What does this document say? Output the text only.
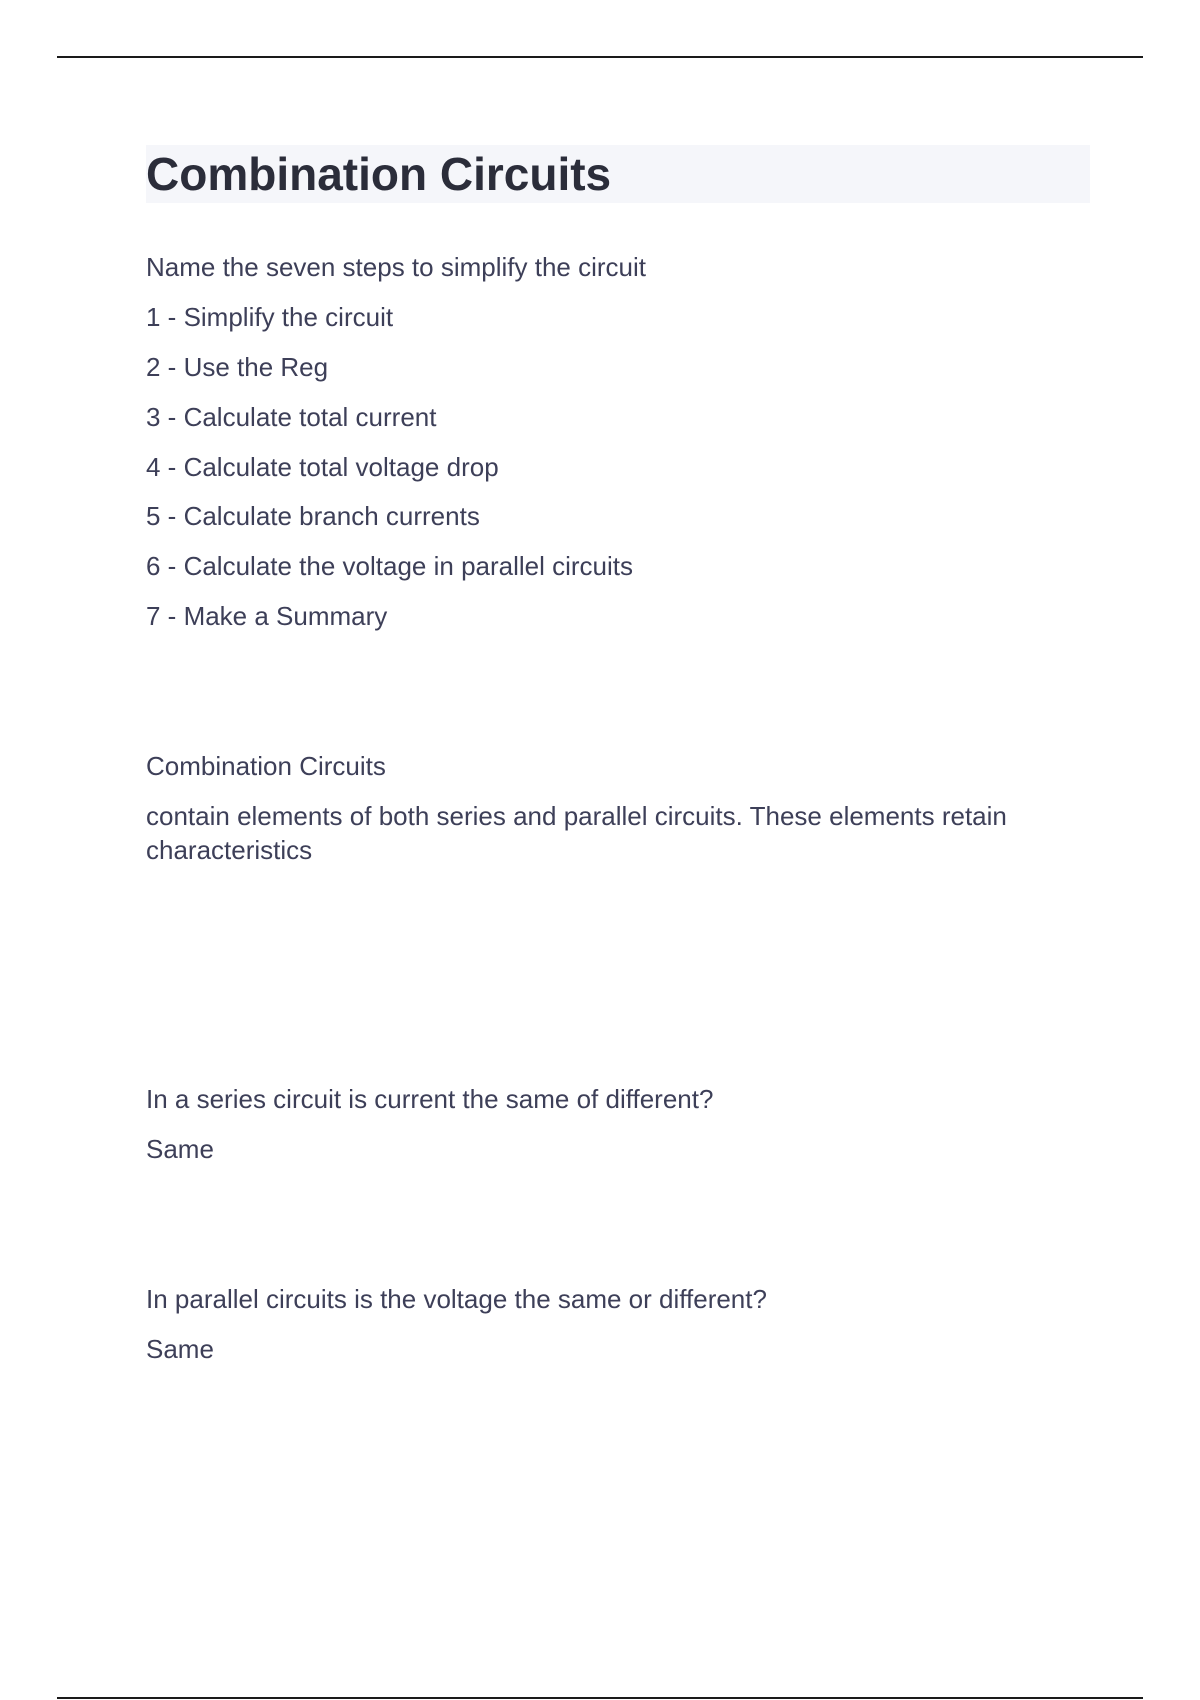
Combination Circuits

Name the seven steps to simplify the circuit

1 - Simplify the circuit

2 - Use the Reg

3 - Calculate total current

4 - Calculate total voltage drop

5 - Calculate branch currents

6 - Calculate the voltage in parallel circuits

7 - Make a Summary

Combination Circuits

contain elements of both series and parallel circuits. These elements retain characteristics

In a series circuit is current the same of different?

Same

In parallel circuits is the voltage the same or different?

Same
